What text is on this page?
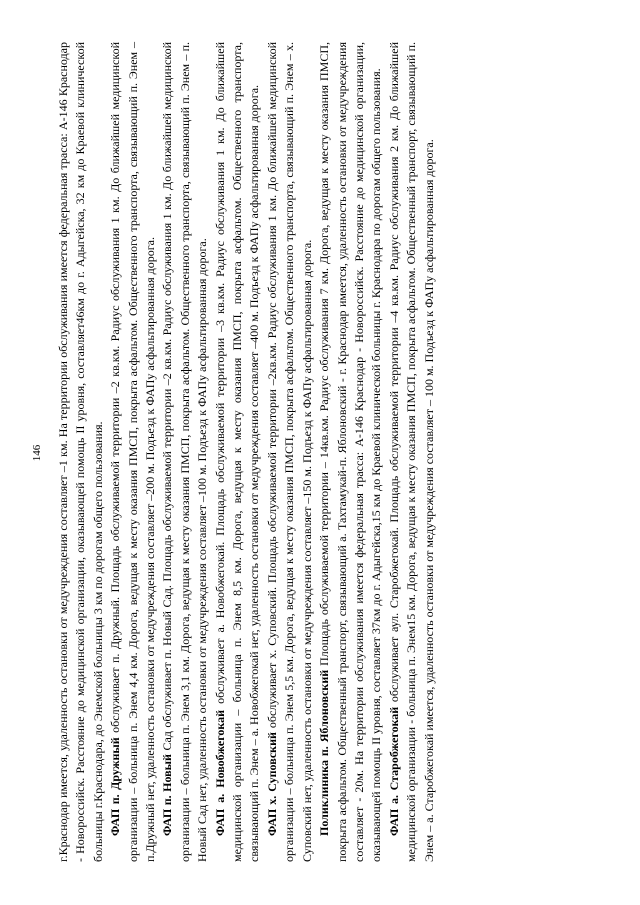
146	г.Краснодар имеется, удаленность остановки от медучреждения составляет –1 км. На территории обслуживания имеется федеральная трасса: А-146 Краснодар - Новороссийск. Расстояние до медицинской организации, оказывающей помощь II уровня, составляет46км до г. Адыгейска, 32 км до Краевой клинической больницы г.Краснодара, до Энемской больницы 3 км по дорогам общего пользования. ФАП п. Дружный обслуживает п. Дружный. Площадь обслуживаемой территории –2 кв.км. Радиус обслуживания 1 км. До ближайшей медицинской организации – больница п. Энем 4,4 км. Дорога, ведущая к месту оказания ПМСП, покрыта асфальтом. Общественного транспорта, связывающий п. Энем – п.Дружный нет, удаленность остановки от медучреждения составляет –200 м. Подъезд к ФАПу асфальтированная дорога. ФАП п. Новый Сад обслуживает п. Новый Сад. Площадь обслуживаемой территории –2 кв.км. Радиус обслуживания 1 км. До ближайшей медицинской организации – больница п. Энем 3,1 км. Дорога, ведущая к месту оказания ПМСП, покрыта асфальтом. Общественного транспорта, связывающий п. Энем – п. Новый Сад нет, удаленность остановки от медучреждения составляет –100 м. Подъезд к ФАПу асфальтированная дорога. ФАП а. Новобжегокай обслуживает а. Новобжегокай. Площадь обслуживаемой территории –3 кв.км. Радиус обслуживания 1 км. До ближайшей медицинской организации – больница п. Энем 8,5 км. Дорога, ведущая к месту оказания ПМСП, покрыта асфальтом. Общественного транспорта, связывающий п. Энем – а. Новобжегокай нет, удаленность остановки от медучреждения составляет –400 м. Подъезд к ФАПу асфальтированная дорога. ФАП х. Суповский обслуживает х. Суповский. Площадь обслуживаемой территории –2кв.км. Радиус обслуживания 1 км. До ближайшей медицинской организации – больница п. Энем 5,5 км. Дорога, ведущая к месту оказания ПМСП, покрыта асфальтом. Общественного транспорта, связывающий п. Энем – х. Суповский нет, удаленность остановки от медучреждения составляет –150 м. Подъезд к ФАПу асфальтированная дорога. Поликлиника п. Яблоновский Площадь обслуживаемой территории – 14кв.км. Радиус обслуживания 7 км. Дорога, ведущая к месту оказания ПМСП, покрыта асфальтом. Общественный транспорт, связывающий а. Тахтамукай-п. Яблоновский - г. Краснодар имеется, удаленность остановки от медучреждения составляет - 20м. На территории обслуживания имеется федеральная трасса: А-146 Краснодар - Новороссийск. Расстояние до медицинской организации, оказывающей помощь II уровня, составляет 37км до г. Адыгейска,15 км до Краевой клинической больницы г. Краснодара по дорогам общего пользования. ФАП а. Старобжегокай обслуживает аул. Старобжегокай. Площадь обслуживаемой территории –4 кв.км. Радиус обслуживания 2 км. До ближайшей медицинской организации - больница п. Энем15 км. Дорога, ведущая к месту оказания ПМСП, покрыта асфальтом. Общественный транспорт, связывающий п. Энем – а. Старобжегокай имеется, удаленность остановки от медучреждения составляет – 100 м. Подъезд к ФАПу асфальтированная дорога.
